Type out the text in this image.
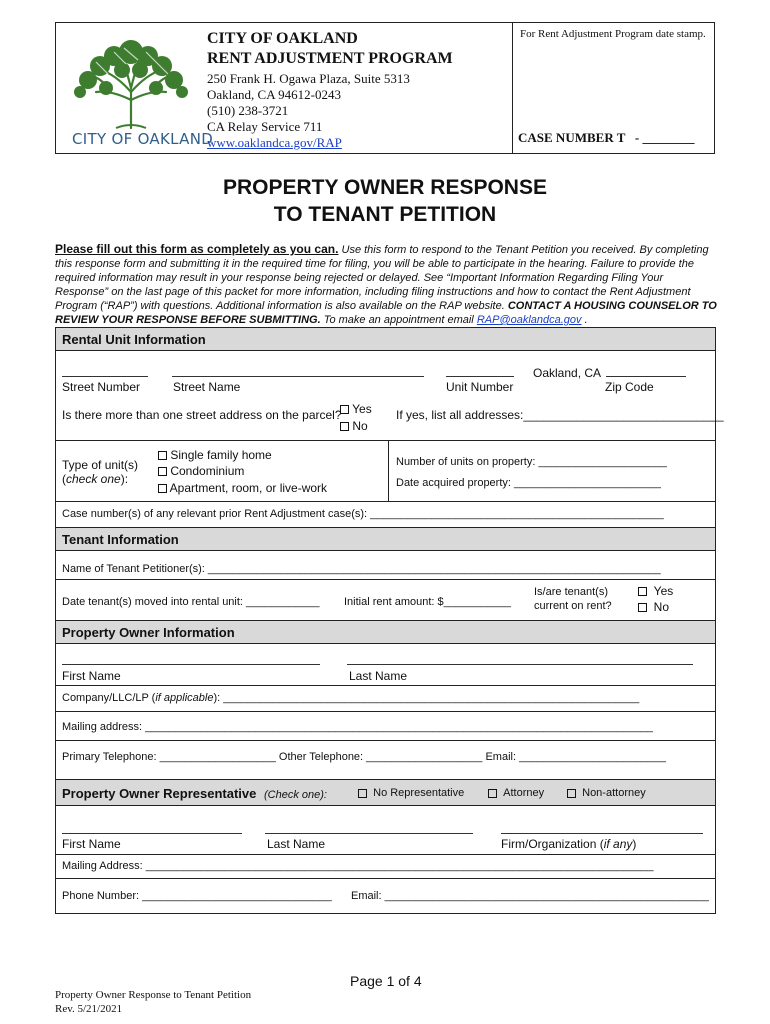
CITY OF OAKLAND
CITY OF OAKLAND
RENT ADJUSTMENT PROGRAM
250 Frank H. Ogawa Plaza, Suite 5313
Oakland, CA 94612-0243
(510) 238-3721
CA Relay Service 711
www.oaklandca.gov/RAP
For Rent Adjustment Program date stamp.
CASE NUMBER T   - ________
PROPERTY OWNER RESPONSE
TO TENANT PETITION
Please fill out this form as completely as you can. Use this form to respond to the Tenant Petition you received. By completing this response form and submitting it in the required time for filing, you will be able to participate in the hearing. Failure to provide the required information may result in your response being rejected or delayed. See “Important Information Regarding Filing Your Response” on the last page of this packet for more information, including filing instructions and how to contact the Rent Adjustment Program (“RAP”) with questions. Additional information is also available on the RAP website. CONTACT A HOUSING COUNSELOR TO REVIEW YOUR RESPONSE BEFORE SUBMITTING. To make an appointment email RAP@oaklandca.gov .
Rental Unit Information
Oakland, CA
Street Number	Street Name	Unit Number	Zip Code
Is there more than one street address on the parcel? Yes
No
If yes, list all addresses:______________________________
Type of unit(s)
(check one):
Single family home
Condominium
Apartment, room, or live-work
Number of units on property: _____________________
Date acquired property: ________________________
Case number(s) of any relevant prior Rent Adjustment case(s): ________________________________________________
Tenant Information
Name of Tenant Petitioner(s): __________________________________________________________________________
Date tenant(s) moved into rental unit: ____________ Initial rent amount: $___________
Is/are tenant(s)
current on rent?
Yes
No
Property Owner Information
First Name	Last Name
Company/LLC/LP (if applicable): ____________________________________________________________________
Mailing address: ___________________________________________________________________________________
Primary Telephone: ___________________ Other Telephone: ___________________ Email: ________________________
Property Owner Representative (Check one):	No Representative	Attorney	Non-attorney
First Name	Last Name	Firm/Organization (if any)
Mailing Address: ___________________________________________________________________________________
Phone Number: _______________________________ Email: _____________________________________________________
Page 1 of 4
Property Owner Response to Tenant Petition
Rev. 5/21/2021
